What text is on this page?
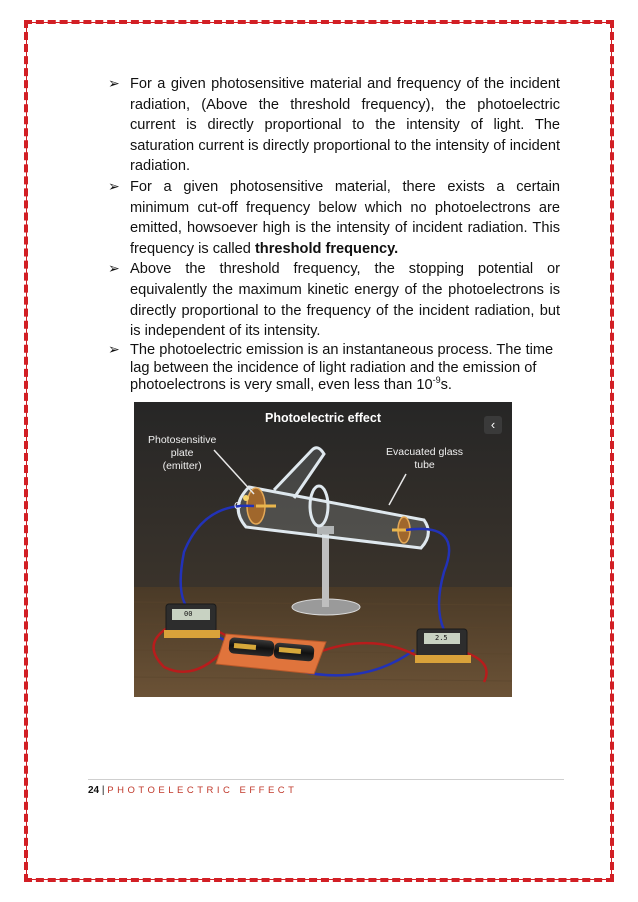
➢ For a given photosensitive material and frequency of the incident radiation, (Above the threshold frequency), the photoelectric current is directly proportional to the intensity of light. The saturation current is directly proportional to the intensity of incident radiation.
➢ For a given photosensitive material, there exists a certain minimum cut-off frequency below which no photoelectrons are emitted, howsoever high is the intensity of incident radiation. This frequency is called threshold frequency.
➢ Above the threshold frequency, the stopping potential or equivalently the maximum kinetic energy of the photoelectrons is directly proportional to the frequency of the incident radiation, but is independent of its intensity.
➢ The photoelectric emission is an instantaneous process. The time lag between the incidence of light radiation and the emission of photoelectrons is very small, even less than $10^{-9}s$.
Photoelectric effect	‹
Photosensitive
plate
(emitter)
Evacuated glass
tube
C
00
2.5
24 | PHOTOELECTRIC EFFECT
